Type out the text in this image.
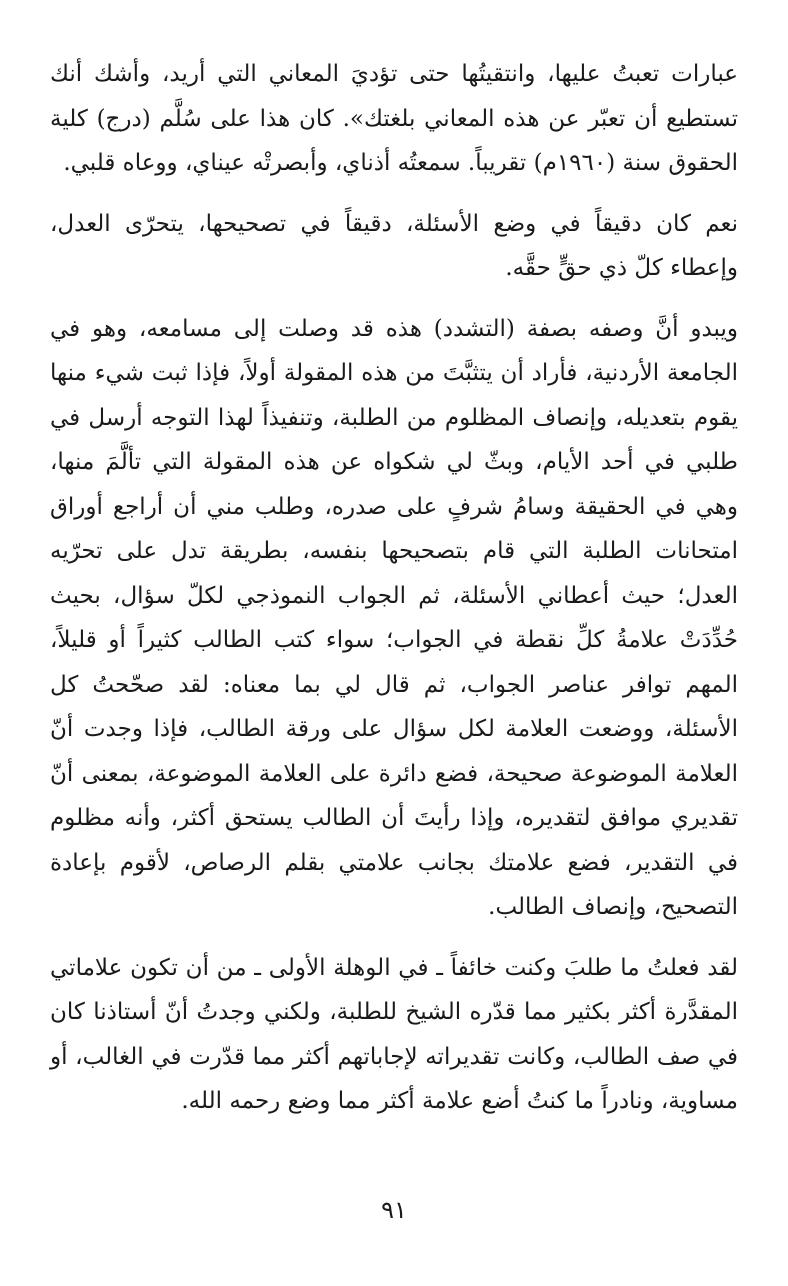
عبارات تعبتُ عليها، وانتقيتُها حتى تؤديَ المعاني التي أريد، وأشك أنك تستطيع أن تعبّر عن هذه المعاني بلغتك». كان هذا على سُلَّم (درج) كلية الحقوق سنة (١٩٦٠م) تقريباً. سمعتُه أذناي، وأبصرتْه عيناي، ووعاه قلبي.

نعم كان دقيقاً في وضع الأسئلة، دقيقاً في تصحيحها، يتحرّى العدل، وإعطاء كلّ ذي حقٍّ حقَّه.

ويبدو أنَّ وصفه بصفة (التشدد) هذه قد وصلت إلى مسامعه، وهو في الجامعة الأردنية، فأراد أن يتثبَّتَ من هذه المقولة أولاً، فإذا ثبت شيء منها يقوم بتعديله، وإنصاف المظلوم من الطلبة، وتنفيذاً لهذا التوجه أرسل في طلبي في أحد الأيام، وبثّ لي شكواه عن هذه المقولة التي تألَّمَ منها، وهي في الحقيقة وسامُ شرفٍ على صدره، وطلب مني أن أراجع أوراق امتحانات الطلبة التي قام بتصحيحها بنفسه، بطريقة تدل على تحرّيه العدل؛ حيث أعطاني الأسئلة، ثم الجواب النموذجي لكلّ سؤال، بحيث حُدِّدَتْ علامةُ كلِّ نقطة في الجواب؛ سواء كتب الطالب كثيراً أو قليلاً، المهم توافر عناصر الجواب، ثم قال لي بما معناه: لقد صحّحتُ كل الأسئلة، ووضعت العلامة لكل سؤال على ورقة الطالب، فإذا وجدت أنّ العلامة الموضوعة صحيحة، فضع دائرة على العلامة الموضوعة، بمعنى أنّ تقديري موافق لتقديره، وإذا رأيتَ أن الطالب يستحق أكثر، وأنه مظلوم في التقدير، فضع علامتك بجانب علامتي بقلم الرصاص، لأقوم بإعادة التصحيح، وإنصاف الطالب.

لقد فعلتُ ما طلبَ وكنت خائفاً ـ في الوهلة الأولى ـ من أن تكون علاماتي المقدَّرة أكثر بكثير مما قدّره الشيخ للطلبة، ولكني وجدتُ أنّ أستاذنا كان في صف الطالب، وكانت تقديراته لإجاباتهم أكثر مما قدّرت في الغالب، أو مساوية، ونادراً ما كنتُ أضع علامة أكثر مما وضع رحمه الله.

٩١
